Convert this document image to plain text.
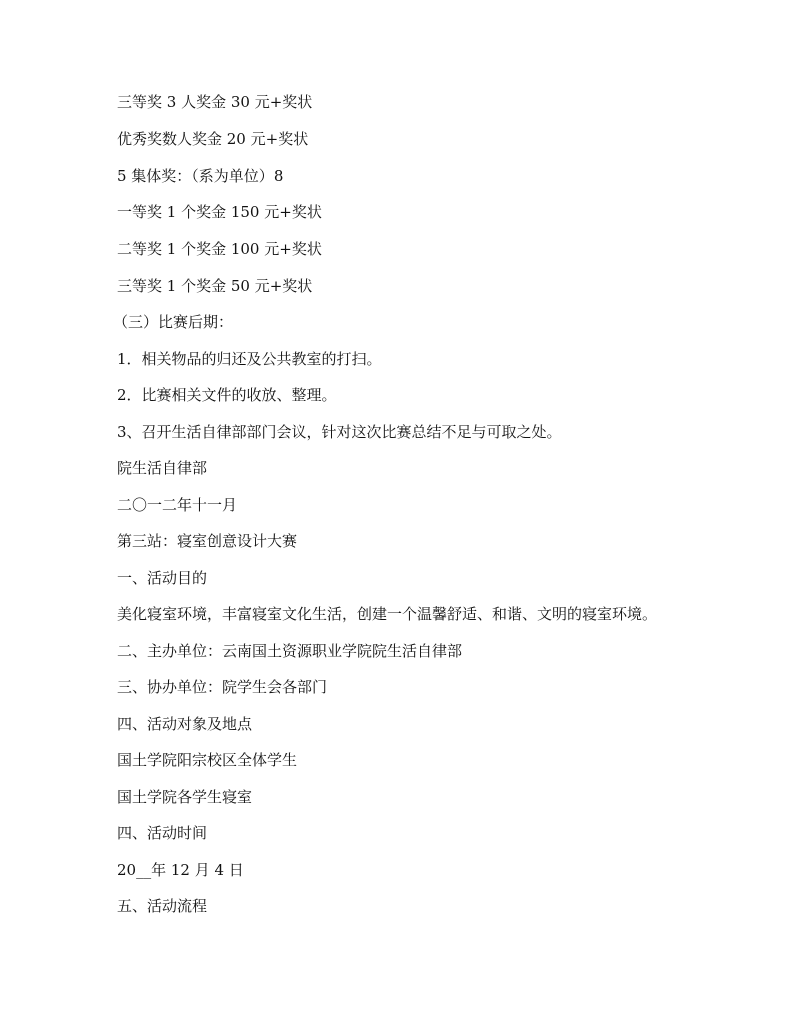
三等奖 3 人奖金 30 元+奖状
优秀奖数人奖金 20 元+奖状
5 集体奖：（系为单位）8
一等奖 1 个奖金 150 元+奖状
二等奖 1 个奖金 100 元+奖状
三等奖 1 个奖金 50 元+奖状
（三）比赛后期：
1．相关物品的归还及公共教室的打扫。
2．比赛相关文件的收放、整理。
3、召开生活自律部部门会议，针对这次比赛总结不足与可取之处。
院生活自律部
二〇一二年十一月
第三站：寝室创意设计大赛
一、活动目的
美化寝室环境，丰富寝室文化生活，创建一个温馨舒适、和谐、文明的寝室环境。
二、主办单位：云南国土资源职业学院院生活自律部
三、协办单位：院学生会各部门
四、活动对象及地点
国土学院阳宗校区全体学生
国土学院各学生寝室
四、活动时间
20__年 12 月 4 日
五、活动流程
